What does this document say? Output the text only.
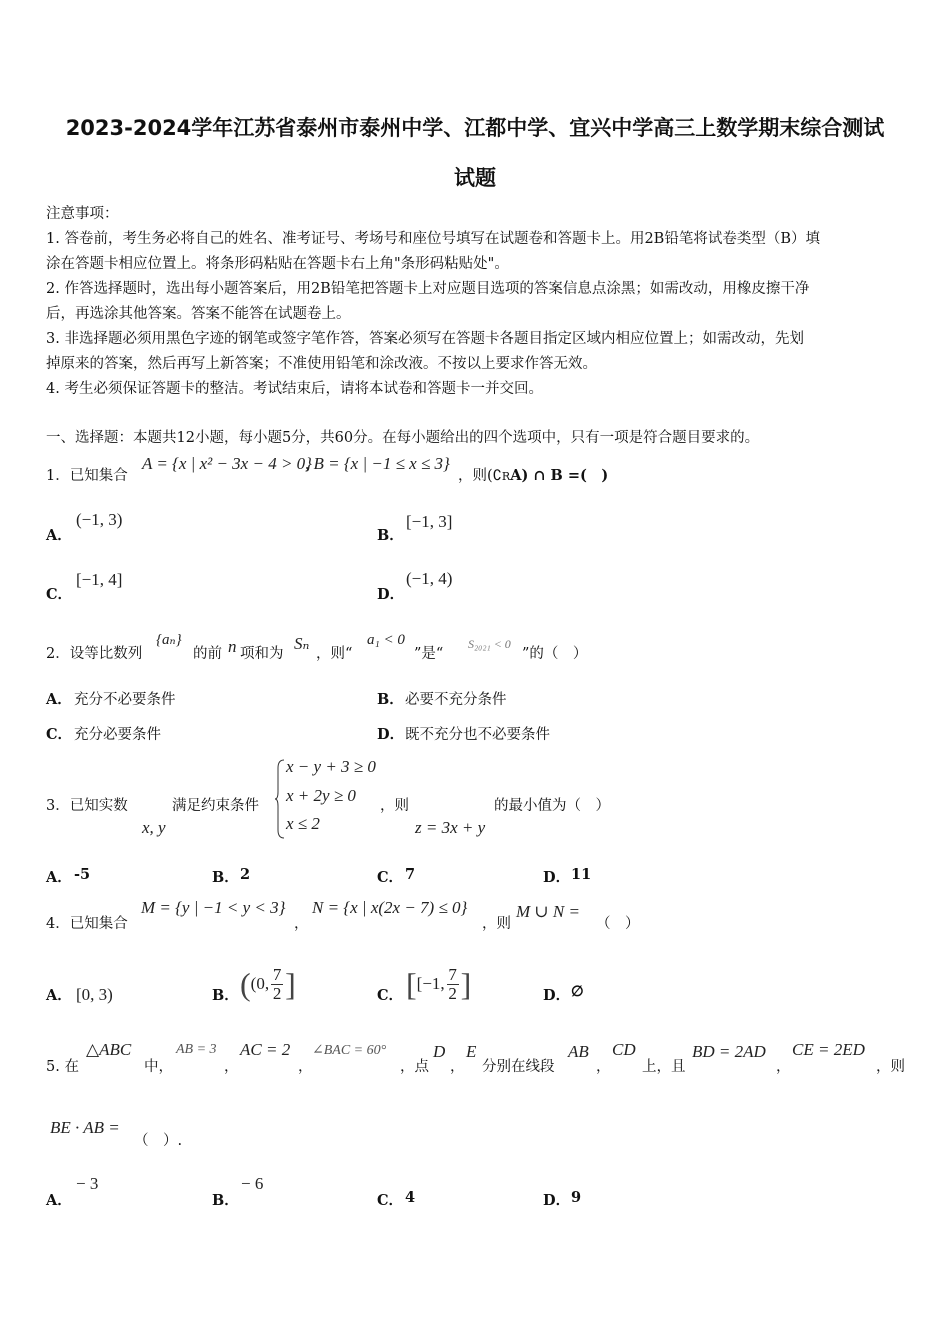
2023-2024学年江苏省泰州市泰州中学、江都中学、宜兴中学高三上数学期末综合测试
试题
注意事项：
1. 答卷前，考生务必将自己的姓名、准考证号、考场号和座位号填写在试题卷和答题卡上。用2B铅笔将试卷类型（B）填
涂在答题卡相应位置上。将条形码粘贴在答题卡右上角"条形码粘贴处"。
2. 作答选择题时，选出每小题答案后，用2B铅笔把答题卡上对应题目选项的答案信息点涂黑；如需改动，用橡皮擦干净
后，再选涂其他答案。答案不能答在试题卷上。
3. 非选择题必须用黑色字迹的钢笔或签字笔作答，答案必须写在答题卡各题目指定区域内相应位置上；如需改动，先划
掉原来的答案，然后再写上新答案；不准使用铅笔和涂改液。不按以上要求作答无效。
4. 考生必须保证答题卡的整洁。考试结束后，请将本试卷和答题卡一并交回。
一、选择题：本题共12小题，每小题5分，共60分。在每小题给出的四个选项中，只有一项是符合题目要求的。
1．已知集合
A = {x | x² − 3x − 4 > 0}
, B = {x | −1 ≤ x ≤ 3}
，则(∁RA) ∩ B =(　)
A．
(−1, 3)
B．
[−1, 3]
C．
[−1, 4]
D．
(−1, 4)
2．设等比数列
{aₙ}
的前 n 项和为
Sₙ
，则“
a₁ < 0
”是“
S₂₀₂₁ < 0
”的（　）
A． 充分不必要条件	B． 必要不充分条件
C． 充分必要条件	D． 既不充分也不必要条件
3．已知实数
x, y
满足约束条件
x − y + 3 ≥ 0
x + 2y ≥ 0
x ≤ 2
，则
z = 3x + y
的最小值为（　）
A． -5	B． 2	C． 7	D． 11
4．已知集合
M = {y | −1 < y < 3}
，
N = {x | x(2x − 7) ≤ 0}
，则
M ∪ N =
（　）
A． [0, 3)	B． ( (0, 7
2 ]	C． [ [−1, 7
2 ]	D． ∅
5. 在
△ABC
中，
AB = 3
，
AC = 2
，
∠BAC = 60°
，点
D
，
E
分别在线段
AB
，
CD
上，且
BD = 2AD
，
CE = 2ED
，则
BE · AB =
（　）.
A．
− 3
B．
− 6
C． 4	D． 9
